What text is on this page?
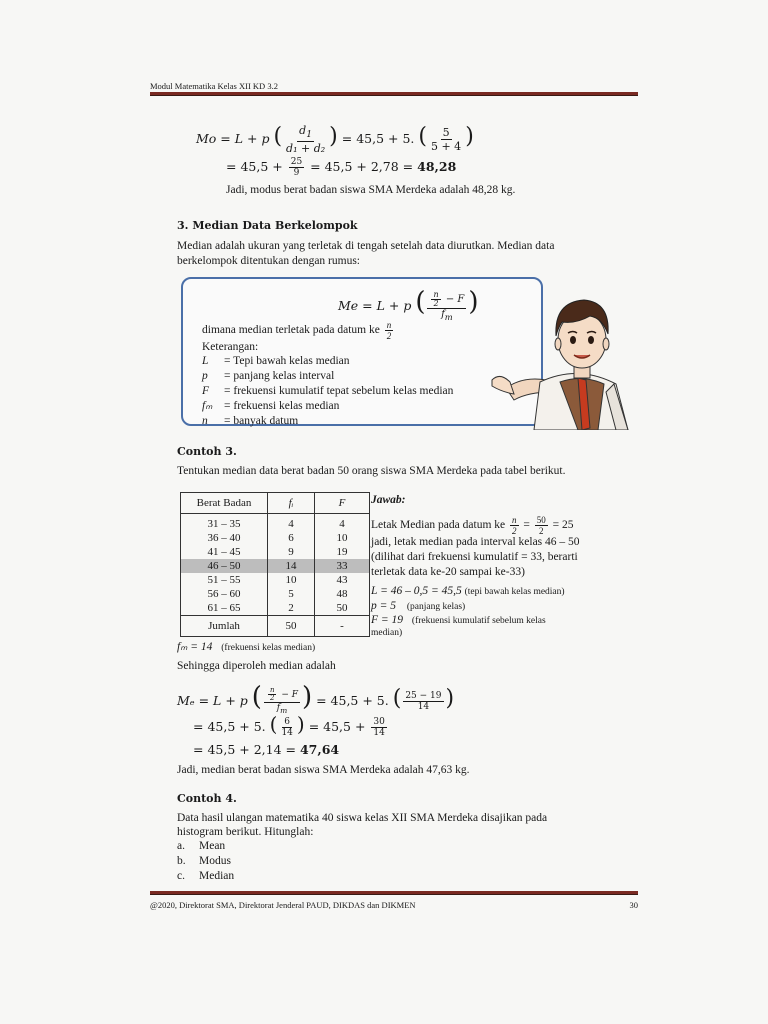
Modul Matematika Kelas XII KD 3.2
Mo = L + p ( $\frac{d_1}{\text{d₁ + d₂}}$ ) = 45,5 + 5. ( $\frac{5}{5 + 4}$ )
= $45,5 + \frac{25}{9} = 45,5 + 2,78 = 48,28$
Jadi, modus berat badan siswa SMA Merdeka adalah 48,28 kg.
3. Median Data Berkelompok
Median adalah ukuran yang terletak di tengah setelah data diurutkan. Median data
berkelompok ditentukan dengan rumus:
Me = L + p ( $\frac{\frac{n}{2} - F}{f_m}$ )
dimana median terletak pada datum ke $\frac{n}{2}$
Keterangan:
L = Tepi bawah kelas median
p = panjang kelas interval
F = frekuensi kumulatif tepat sebelum kelas median
fₘ = frekuensi kelas median
n = banyak datum
Contoh 3.
Tentukan median data berat badan 50 orang siswa SMA Merdeka pada tabel berikut.
Berat Badan	fᵢ	F
31 – 35	4	4
36 – 40	6	10
41 – 45	9	19
46 – 50	14	33
51 – 55	10	43
56 – 60	5	48
61 – 65	2	50
Jumlah	50	-
Jawab:
Letak Median pada datum ke $\frac{n}{2} = \frac{50}{2} = 25$
jadi, letak median pada interval kelas 46 – 50
(dilihat dari frekuensi kumulatif = 33, berarti
terletak data ke-20 sampai ke-33)
L = 46 – 0,5 = 45,5 (tepi bawah kelas median)
p = 5 (panjang kelas)
F = 19 (frekuensi kumulatif sebelum kelas
median)
fₘ = 14 (frekuensi kelas median)
Sehingga diperoleh median adalah
Mₑ = L + p ( $\frac{\frac{n}{2} - F}{f_m}$ ) = 45,5 + 5. ( $\frac{25 - 19}{14}$ )
= 45,5 + 5. ( $\frac{6}{14}$ ) = $45,5 + \frac{30}{14}$
= 45,5 + 2,14 = 47,64
Jadi, median berat badan siswa SMA Merdeka adalah 47,63 kg.
Contoh 4.
Data hasil ulangan matematika 40 siswa kelas XII SMA Merdeka disajikan pada
histogram berikut. Hitunglah:
a. Mean
b. Modus
c. Median
@2020, Direktorat SMA, Direktorat Jenderal PAUD, DIKDAS dan DIKMEN	30
